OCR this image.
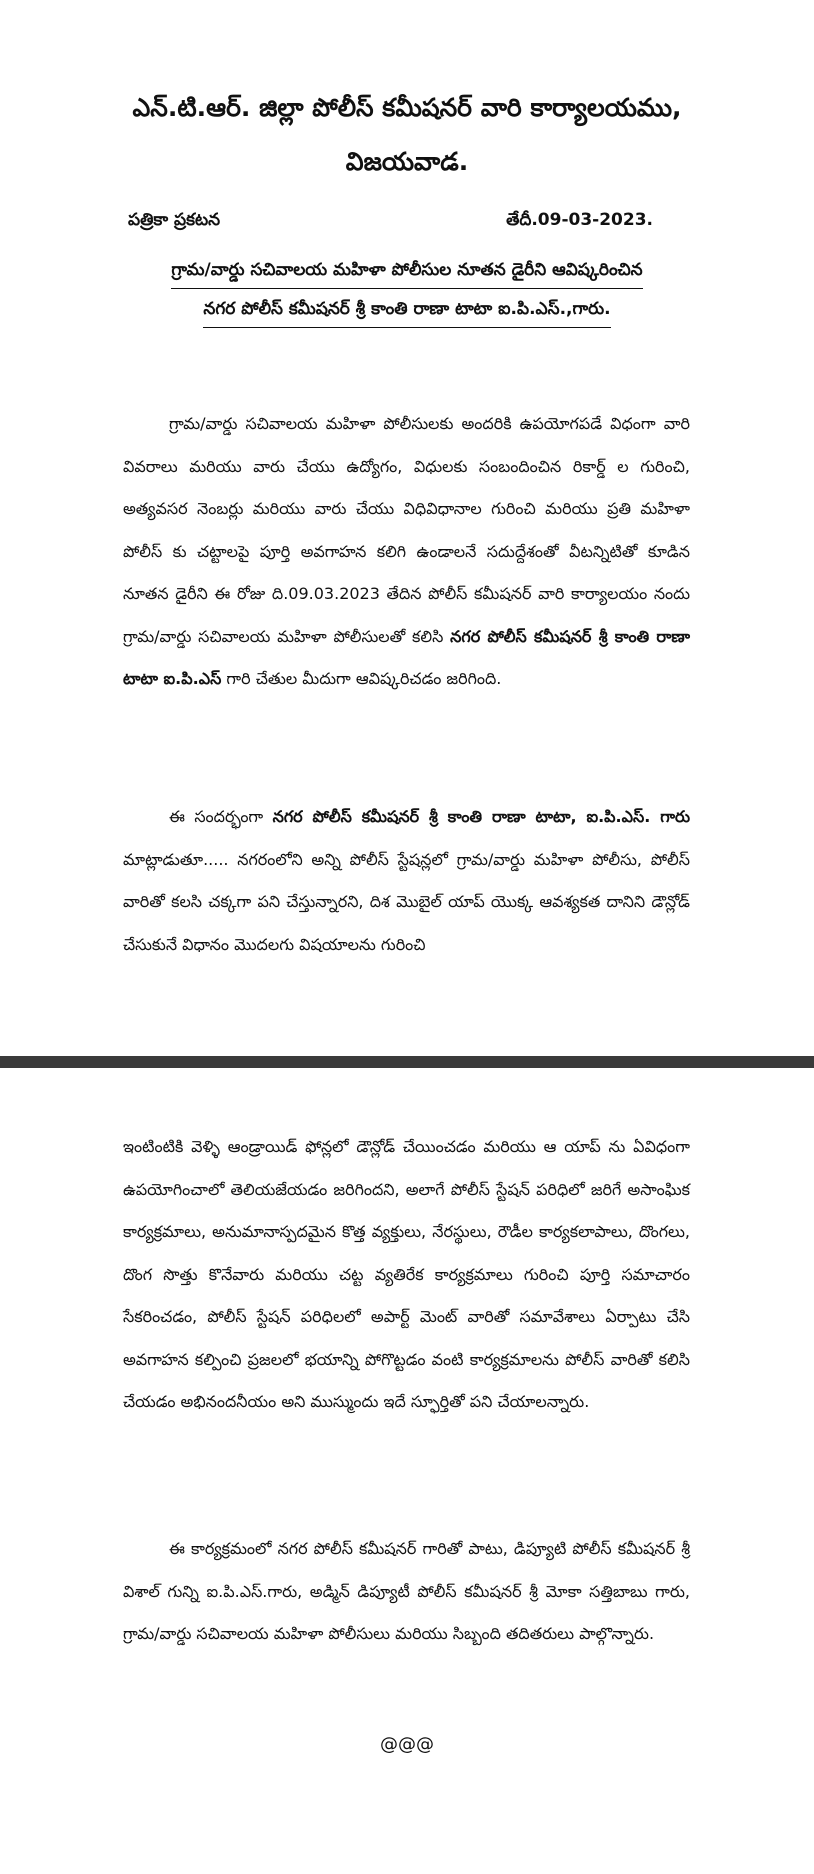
ఎన్.టి.ఆర్. జిల్లా పోలీస్ కమీషనర్ వారి కార్యాలయము,
విజయవాడ.
పత్రికా ప్రకటన	తేదీ.09-03-2023.
గ్రామ/వార్డు సచివాలయ మహిళా పోలీసుల నూతన డైరీని ఆవిష్కరించిన
నగర పోలీస్ కమీషనర్ శ్రీ కాంతి రాణా టాటా ఐ.పి.ఎస్.,గారు.

గ్రామ/వార్డు సచివాలయ మహిళా పోలీసులకు అందరికి ఉపయోగపడే విధంగా వారి వివరాలు మరియు వారు చేయు ఉద్యోగం, విధులకు సంబందించిన రికార్డ్ ల గురించి, అత్యవసర నెంబర్లు మరియు వారు చేయు విధివిధానాల గురించి మరియు ప్రతి మహిళా పోలీస్ కు చట్టాలపై పూర్తి అవగాహన కలిగి ఉండాలనే సదుద్దేశంతో వీటన్నిటితో కూడిన నూతన డైరీని ఈ రోజు ది.09.03.2023 తేదిన పోలీస్ కమీషనర్ వారి కార్యాలయం నందు గ్రామ/వార్డు సచివాలయ మహిళా పోలీసులతో కలిసి నగర పోలీస్ కమీషనర్ శ్రీ కాంతి రాణా టాటా ఐ.పి.ఎస్ గారి చేతుల మీదుగా ఆవిష్కరిచడం జరిగింది.

ఈ సందర్భంగా నగర పోలీస్ కమీషనర్ శ్రీ కాంతి రాణా టాటా, ఐ.పి.ఎస్. గారు మాట్లాడుతూ..... నగరంలోని అన్ని పోలీస్ స్టేషన్లలో గ్రామ/వార్డు మహిళా పోలీసు, పోలీస్ వారితో కలసి చక్కగా పని చేస్తున్నారని, దిశ మొబైల్ యాప్ యొక్క ఆవశ్యకత దానిని డౌన్లోడ్ చేసుకునే విధానం మొదలగు విషయాలను గురించి

ఇంటింటికి వెళ్ళి ఆండ్రాయిడ్ ఫోన్లలో డౌన్లోడ్ చేయించడం మరియు ఆ యాప్ ను ఏవిధంగా ఉపయోగించాలో తెలియజేయడం జరిగిందని, అలాగే పోలీస్ స్టేషన్ పరిధిలో జరిగే అసాంఘిక కార్యక్రమాలు, అనుమానాస్పదమైన కొత్త వ్యక్తులు, నేరస్థులు, రౌడీల కార్యకలాపాలు, దొంగలు, దొంగ సొత్తు కొనేవారు మరియు చట్ట వ్యతిరేక కార్యక్రమాలు గురించి పూర్తి సమాచారం సేకరించడం, పోలీస్ స్టేషన్ పరిధిలలో అపార్ట్ మెంట్ వారితో సమావేశాలు ఏర్పాటు చేసి అవగాహన కల్పించి ప్రజలలో భయాన్ని పోగొట్టడం వంటి కార్యక్రమాలను పోలీస్ వారితో కలిసి చేయడం అభినందనీయం అని ముస్ముందు ఇదే స్ఫూర్తితో పని చేయాలన్నారు.

ఈ కార్యక్రమంలో నగర పోలీస్ కమీషనర్ గారితో పాటు, డిప్యూటి పోలీస్ కమీషనర్ శ్రీ విశాల్ గున్ని ఐ.పి.ఎస్.గారు, అడ్మిన్ డిప్యూటీ పోలీస్ కమీషనర్ శ్రీ మోకా సత్తిబాబు గారు, గ్రామ/వార్డు సచివాలయ మహిళా పోలీసులు మరియు సిబ్బంది తదితరులు పాల్గొన్నారు.

@@@
